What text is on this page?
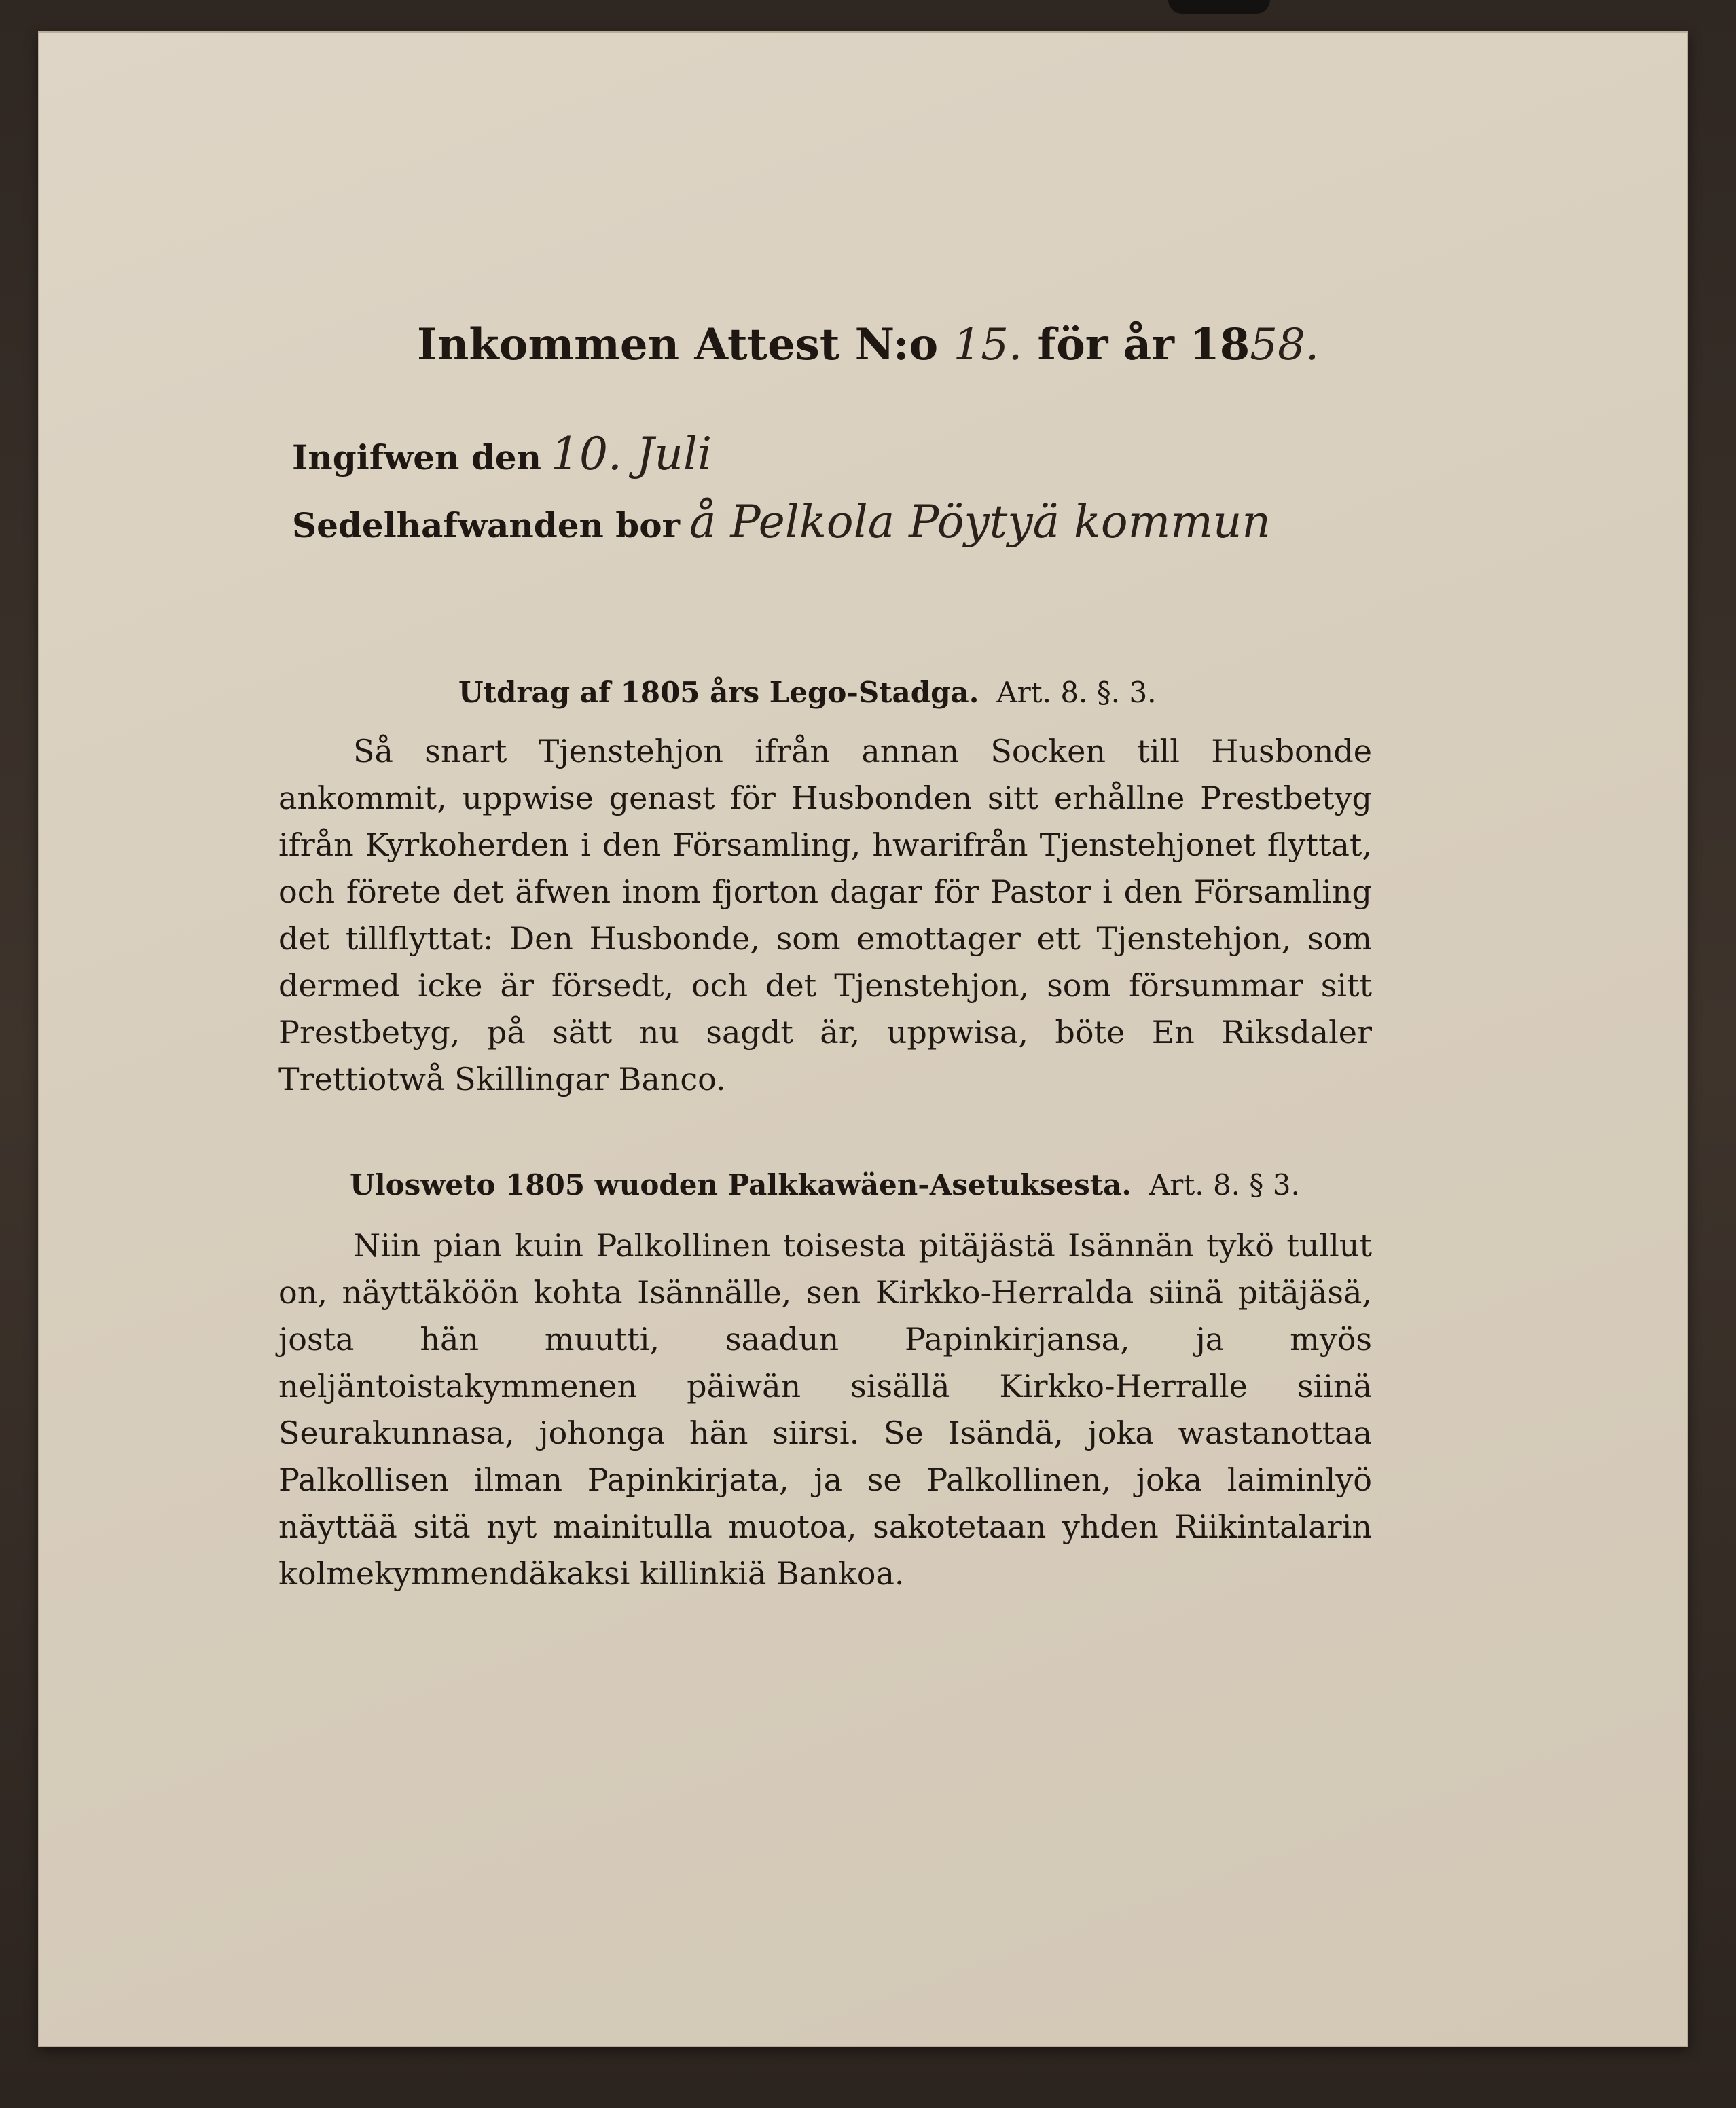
Inkommen Attest N:o 15. för år 1858.
Ingifwen den 10. Juli
Sedelhafwanden bor å Pelkola Pöytyä kommun
Utdrag af 1805 års Lego-Stadga. Art. 8. §. 3.
Så snart Tjenstehjon ifrån annan Socken till Husbonde ankommit, uppwise genast för Husbonden sitt erhållne Prestbetyg ifrån Kyrkoherden i den Församling, hwarifrån Tjenstehjonet flyttat, och förete det äfwen inom fjorton dagar för Pastor i den Församling det tillflyttat: Den Husbonde, som emottager ett Tjenstehjon, som dermed icke är försedt, och det Tjenstehjon, som försummar sitt Prestbetyg, på sätt nu sagdt är, uppwisa, böte En Riksdaler Trettiotwå Skillingar Banco.
Ulosweto 1805 wuoden Palkkawäen-Asetuksesta. Art. 8. § 3.
Niin pian kuin Palkollinen toisesta pitäjästä Isännän tykö tullut on, näyttäköön kohta Isännälle, sen Kirkko-Herralda siinä pitäjäsä, josta hän muutti, saadun Papinkirjansa, ja myös neljäntoistakymmenen päiwän sisällä Kirkko-Herralle siinä Seurakunnasa, johonga hän siirsi. Se Isändä, joka wastanottaa Palkollisen ilman Papinkirjata, ja se Palkollinen, joka laiminlyö näyttää sitä nyt mainitulla muotoa, sakotetaan yhden Riikintalarin kolmekymmendäkaksi killinkiä Bankoa.
